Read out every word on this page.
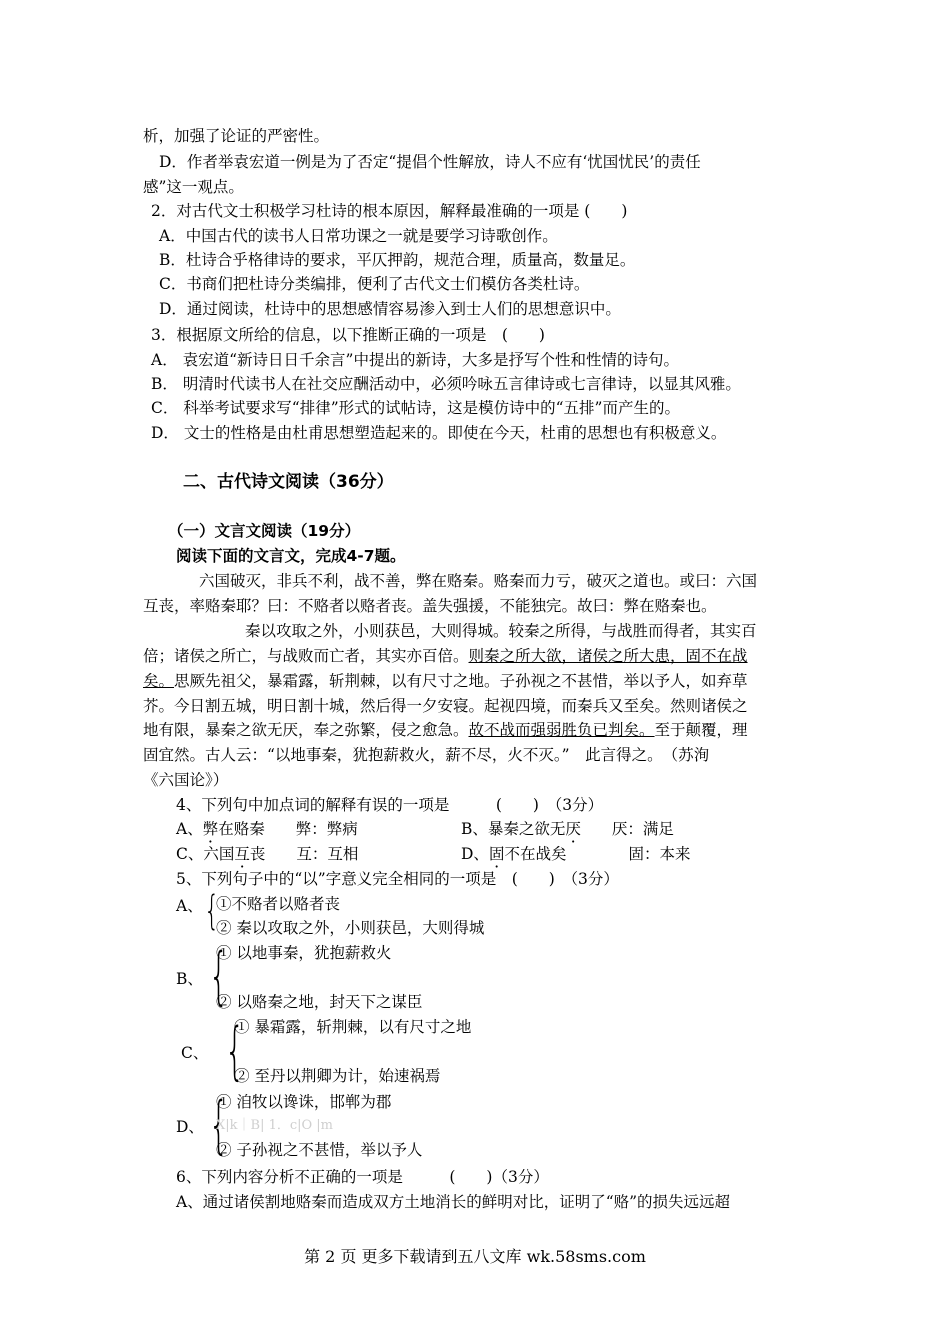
析，加强了论证的严密性。
D．作者举袁宏道一例是为了否定“提倡个性解放，诗人不应有‘忧国忧民’的责任
感”这一观点。
2．对古代文士积极学习杜诗的根本原因，解释最准确的一项是 (　　)
A．中国古代的读书人日常功课之一就是要学习诗歌创作。
B．杜诗合乎格律诗的要求，平仄押韵，规范合理，质量高，数量足。
C．书商们把杜诗分类编排，便利了古代文士们模仿各类杜诗。
D．通过阅读，杜诗中的思想感情容易渗入到士人们的思想意识中。
3．根据原文所给的信息，以下推断正确的一项是　(　　)
A． 袁宏道“新诗日日千余言”中提出的新诗，大多是抒写个性和性情的诗句。
B． 明清时代读书人在社交应酬活动中，必须吟咏五言律诗或七言律诗，以显其风雅。
C． 科举考试要求写“排律”形式的试帖诗，这是模仿诗中的“五排”而产生的。
D． 文士的性格是由杜甫思想塑造起来的。即使在今天，杜甫的思想也有积极意义。
二、古代诗文阅读（36分）
（一）文言文阅读（19分）
阅读下面的文言文，完成4-7题。
六国破灭，非兵不利，战不善，弊在赂秦。赂秦而力亏，破灭之道也。或曰：六国
互丧，率赂秦耶？曰：不赂者以赂者丧。盖失强援，不能独完。故曰：弊在赂秦也。
秦以攻取之外，小则获邑，大则得城。较秦之所得，与战胜而得者，其实百
倍；诸侯之所亡，与战败而亡者，其实亦百倍。则秦之所大欲，诸侯之所大患，固不在战
矣。思厥先祖父，暴霜露，斩荆棘，以有尺寸之地。子孙视之不甚惜，举以予人，如弃草
芥。今日割五城，明日割十城，然后得一夕安寝。起视四境，而秦兵又至矣。然则诸侯之
地有限，暴秦之欲无厌，奉之弥繁，侵之愈急。故不战而强弱胜负已判矣。至于颠覆，理
固宜然。古人云：“以地事秦，犹抱薪救火，薪不尽，火不灭。”　此言得之。　（苏洵
《六国论》）
4、下列句中加点词的解释有误的一项是　　　(　　)　（3分）
A、弊在赂秦　　弊：弊病	B、暴秦之欲无厌　　厌：满足
C、六国互丧　　互：互相	D、固不在战矣　　　　固：本来
5、下列句子中的“以”字意义完全相同的一项是　(　　)　（3分）
A、 {
①不赂者以赂者丧
② 秦以攻取之外，小则获邑，大则得城
B、 {
① 以地事秦，犹抱薪救火
② 以赂秦之地，封天下之谋臣
C、 {
① 暴霜露，斩荆棘，以有尺寸之地
② 至丹以荆卿为计，始速祸焉
D、 {
① 洎牧以谗诛，邯郸为郡
X|k｜B| 1．c|O |m
② 子孙视之不甚惜，举以予人
6、下列内容分析不正确的一项是　　　(　　)（3分）
A、通过诸侯割地赂秦而造成双方土地消长的鲜明对比，证明了“赂”的损失远远超
第 2 页 更多下载请到五八文库 wk.58sms.com
